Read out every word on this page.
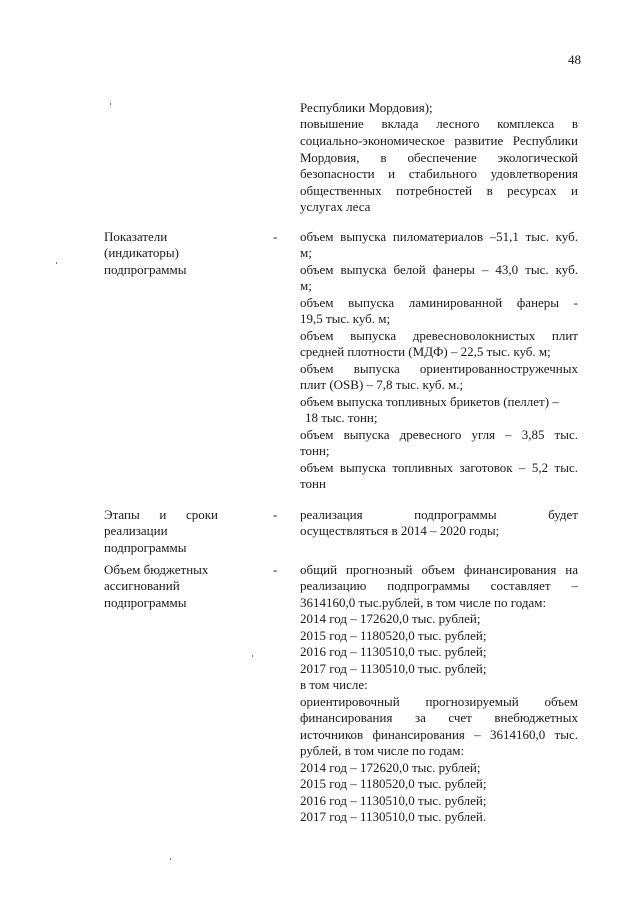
48
Республики Мордовия);
повышение вклада лесного комплекса в
социально-экономическое развитие Республики
Мордовия, в обеспечение экологической
безопасности и стабильного удовлетворения
общественных потребностей в ресурсах и
услугах леса
Показатели
(индикаторы)
подпрограммы
- объем выпуска пиломатериалов –51,1 тыс. куб.
м;
объем выпуска белой фанеры – 43,0 тыс. куб.
м;
объем выпуска ламинированной фанеры -
19,5 тыс. куб. м;
объем выпуска древесноволокнистых плит
средней плотности (МДФ) – 22,5 тыс. куб. м;
объем выпуска ориентированностружечных
плит (OSB) – 7,8 тыс. куб. м.;
объем выпуска топливных брикетов (пеллет) –
18 тыс. тонн;
объем выпуска древесного угля – 3,85 тыс.
тонн;
объем выпуска топливных заготовок – 5,2 тыс.
тонн
Этапы и сроки
реализации
подпрограммы
- реализация подпрограммы будет
осуществляться в 2014 – 2020 годы;
Объем бюджетных
ассигнований
подпрограммы
- общий прогнозный объем финансирования на
реализацию подпрограммы составляет –
3614160,0 тыс.рублей, в том числе по годам:
2014 год – 172620,0 тыс. рублей;
2015 год – 1180520,0 тыс. рублей;
2016 год – 1130510,0 тыс. рублей;
2017 год – 1130510,0 тыс. рублей;
в том числе:
ориентировочный прогнозируемый объем
финансирования за счет внебюджетных
источников финансирования – 3614160,0 тыс.
рублей, в том числе по годам:
2014 год – 172620,0 тыс. рублей;
2015 год – 1180520,0 тыс. рублей;
2016 год – 1130510,0 тыс. рублей;
2017 год – 1130510,0 тыс. рублей.
